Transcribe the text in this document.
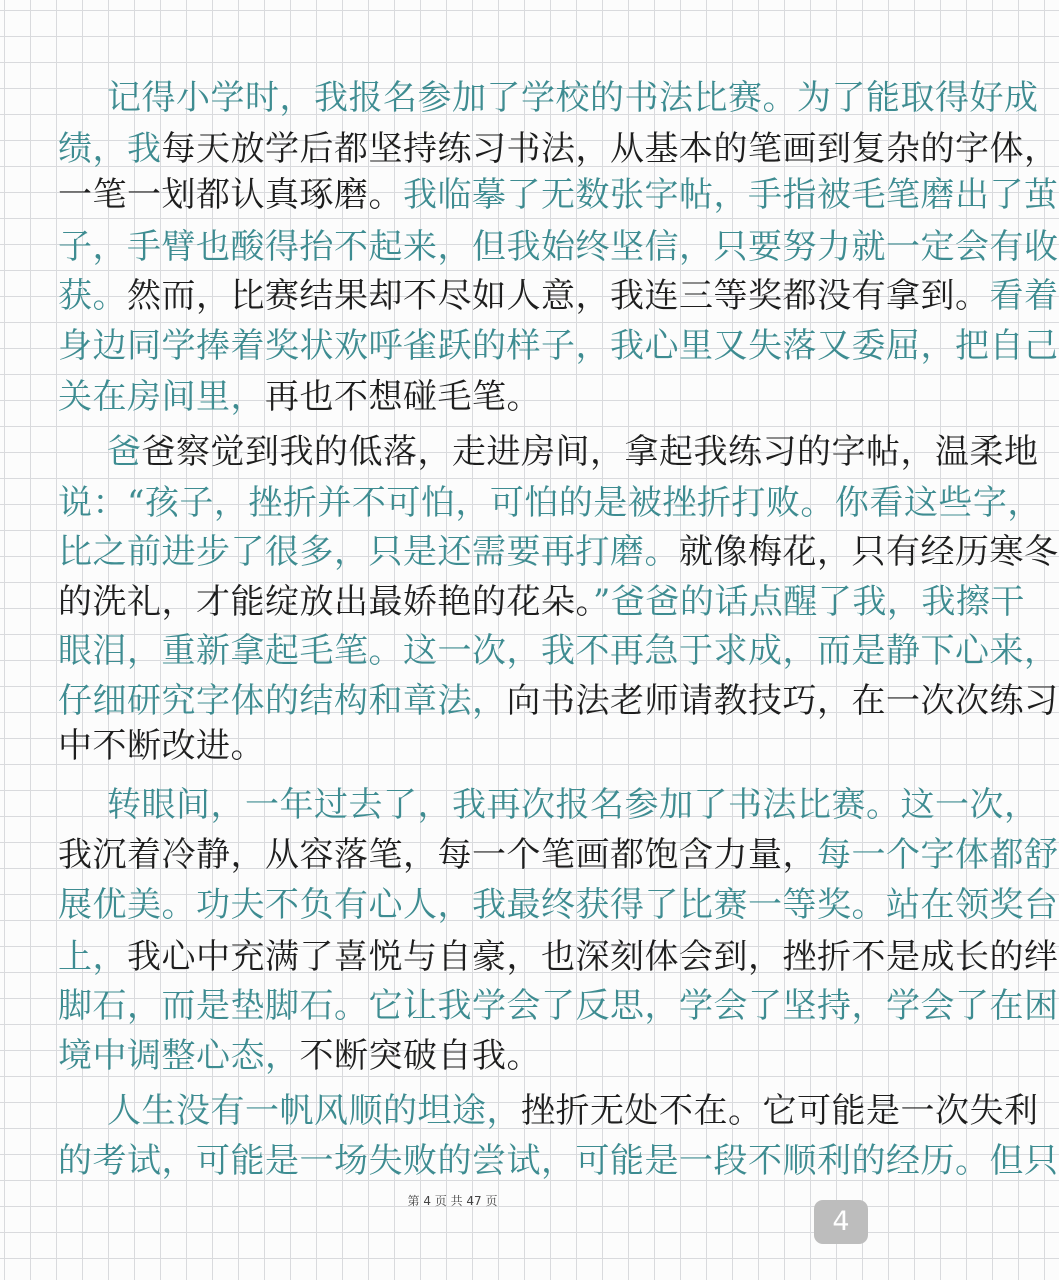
记得小学时，我报名参加了学校的书法比赛。为了能取得好成
绩，我每天放学后都坚持练习书法，从基本的笔画到复杂的字体，
一笔一划都认真琢磨。我临摹了无数张字帖，手指被毛笔磨出了茧
子，手臂也酸得抬不起来，但我始终坚信，只要努力就一定会有收
获。然而，比赛结果却不尽如人意，我连三等奖都没有拿到。看着
身边同学捧着奖状欢呼雀跃的样子，我心里又失落又委屈，把自己
关在房间里，再也不想碰毛笔。
爸爸察觉到我的低落，走进房间，拿起我练习的字帖，温柔地
说：“孩子，挫折并不可怕，可怕的是被挫折打败。你看这些字，
比之前进步了很多，只是还需要再打磨。就像梅花，只有经历寒冬
的洗礼，才能绽放出最娇艳的花朵。”爸爸的话点醒了我，我擦干
眼泪，重新拿起毛笔。这一次，我不再急于求成，而是静下心来，
仔细研究字体的结构和章法，向书法老师请教技巧，在一次次练习
中不断改进。
转眼间，一年过去了，我再次报名参加了书法比赛。这一次，
我沉着冷静，从容落笔，每一个笔画都饱含力量，每一个字体都舒
展优美。功夫不负有心人，我最终获得了比赛一等奖。站在领奖台
上，我心中充满了喜悦与自豪，也深刻体会到，挫折不是成长的绊
脚石，而是垫脚石。它让我学会了反思，学会了坚持，学会了在困
境中调整心态，不断突破自我。
人生没有一帆风顺的坦途，挫折无处不在。它可能是一次失利
的考试，可能是一场失败的尝试，可能是一段不顺利的经历。但只
第 4 页 共 47 页
4
